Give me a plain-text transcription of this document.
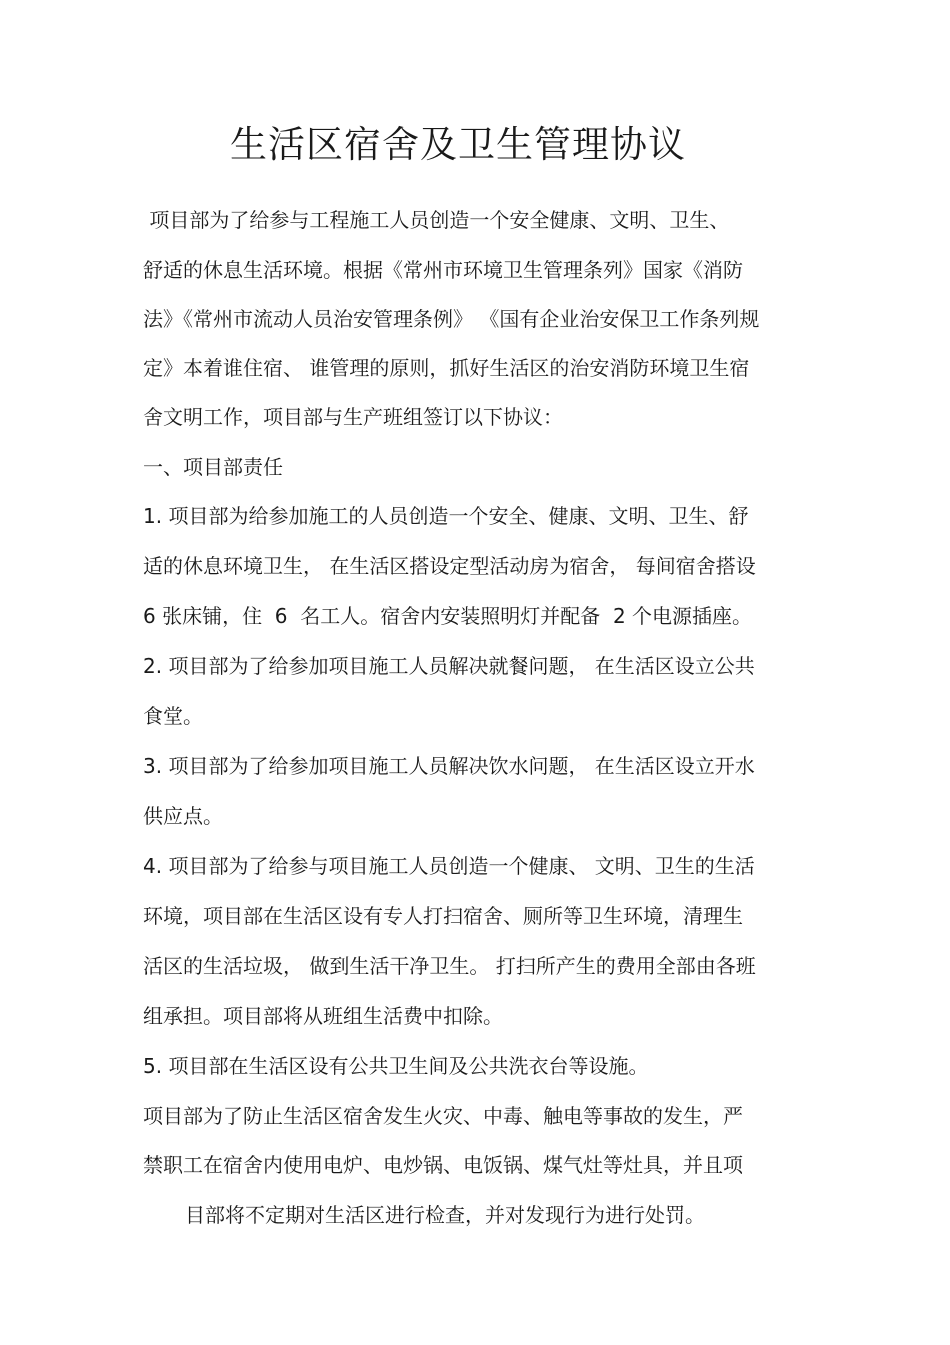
生活区宿舍及卫生管理协议

项目部为了给参与工程施工人员创造一个安全健康、文明、卫生、

舒适的休息生活环境。根据《常州市环境卫生管理条列》国家《消防

法》《常州市流动人员治安管理条例》 《国有企业治安保卫工作条列规

定》本着谁住宿、 谁管理的原则，抓好生活区的治安消防环境卫生宿

舍文明工作，项目部与生产班组签订以下协议：

一、项目部责任

1. 项目部为给参加施工的人员创造一个安全、健康、文明、卫生、舒

适的休息环境卫生， 在生活区搭设定型活动房为宿舍， 每间宿舍搭设

6 张床铺，住  6  名工人。宿舍内安装照明灯并配备  2 个电源插座。

2. 项目部为了给参加项目施工人员解决就餐问题， 在生活区设立公共

食堂。

3. 项目部为了给参加项目施工人员解决饮水问题， 在生活区设立开水

供应点。

4. 项目部为了给参与项目施工人员创造一个健康、 文明、卫生的生活

环境，项目部在生活区设有专人打扫宿舍、厕所等卫生环境，清理生

活区的生活垃圾， 做到生活干净卫生。 打扫所产生的费用全部由各班

组承担。项目部将从班组生活费中扣除。

5. 项目部在生活区设有公共卫生间及公共洗衣台等设施。

项目部为了防止生活区宿舍发生火灾、中毒、触电等事故的发生，严

禁职工在宿舍内使用电炉、电炒锅、电饭锅、煤气灶等灶具，并且项

目部将不定期对生活区进行检查，并对发现行为进行处罚。
